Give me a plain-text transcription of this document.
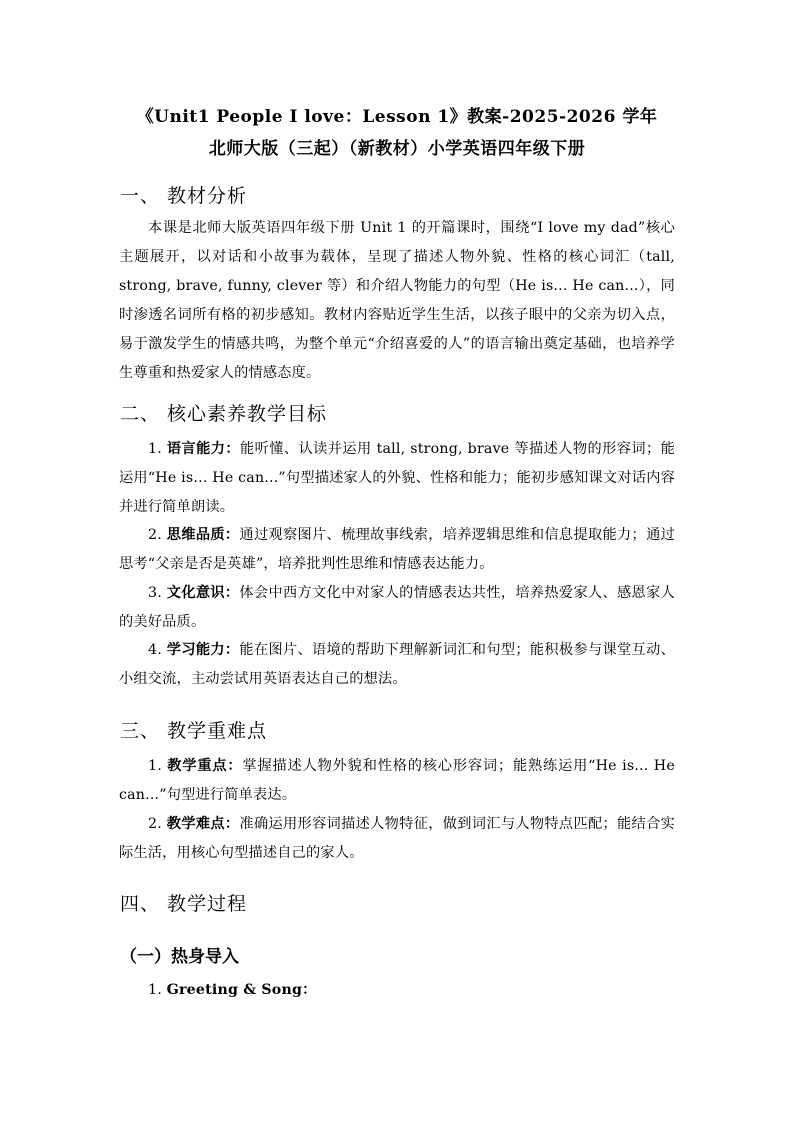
《Unit1 People I love：Lesson 1》教案-2025-2026 学年
北师大版（三起）（新教材）小学英语四年级下册
一、 教材分析

本课是北师大版英语四年级下册 Unit 1 的开篇课时，围绕“I love my dad”核心主题展开，以对话和小故事为载体，呈现了描述人物外貌、性格的核心词汇（tall, strong, brave, funny, clever 等）和介绍人物能力的句型（He is... He can...），同时渗透名词所有格的初步感知。教材内容贴近学生生活，以孩子眼中的父亲为切入点，易于激发学生的情感共鸣，为整个单元“介绍喜爱的人”的语言输出奠定基础，也培养学生尊重和热爱家人的情感态度。

二、 核心素养教学目标

1. 语言能力：能听懂、认读并运用 tall, strong, brave 等描述人物的形容词；能运用“He is... He can...”句型描述家人的外貌、性格和能力；能初步感知课文对话内容并进行简单朗读。

2. 思维品质：通过观察图片、梳理故事线索，培养逻辑思维和信息提取能力；通过思考“父亲是否是英雄”，培养批判性思维和情感表达能力。

3. 文化意识：体会中西方文化中对家人的情感表达共性，培养热爱家人、感恩家人的美好品质。

4. 学习能力：能在图片、语境的帮助下理解新词汇和句型；能积极参与课堂互动、小组交流，主动尝试用英语表达自己的想法。

三、 教学重难点

1. 教学重点：掌握描述人物外貌和性格的核心形容词；能熟练运用“He is... He can...”句型进行简单表达。

2. 教学难点：准确运用形容词描述人物特征，做到词汇与人物特点匹配；能结合实际生活，用核心句型描述自己的家人。

四、 教学过程
（一）热身导入

1. Greeting & Song：
